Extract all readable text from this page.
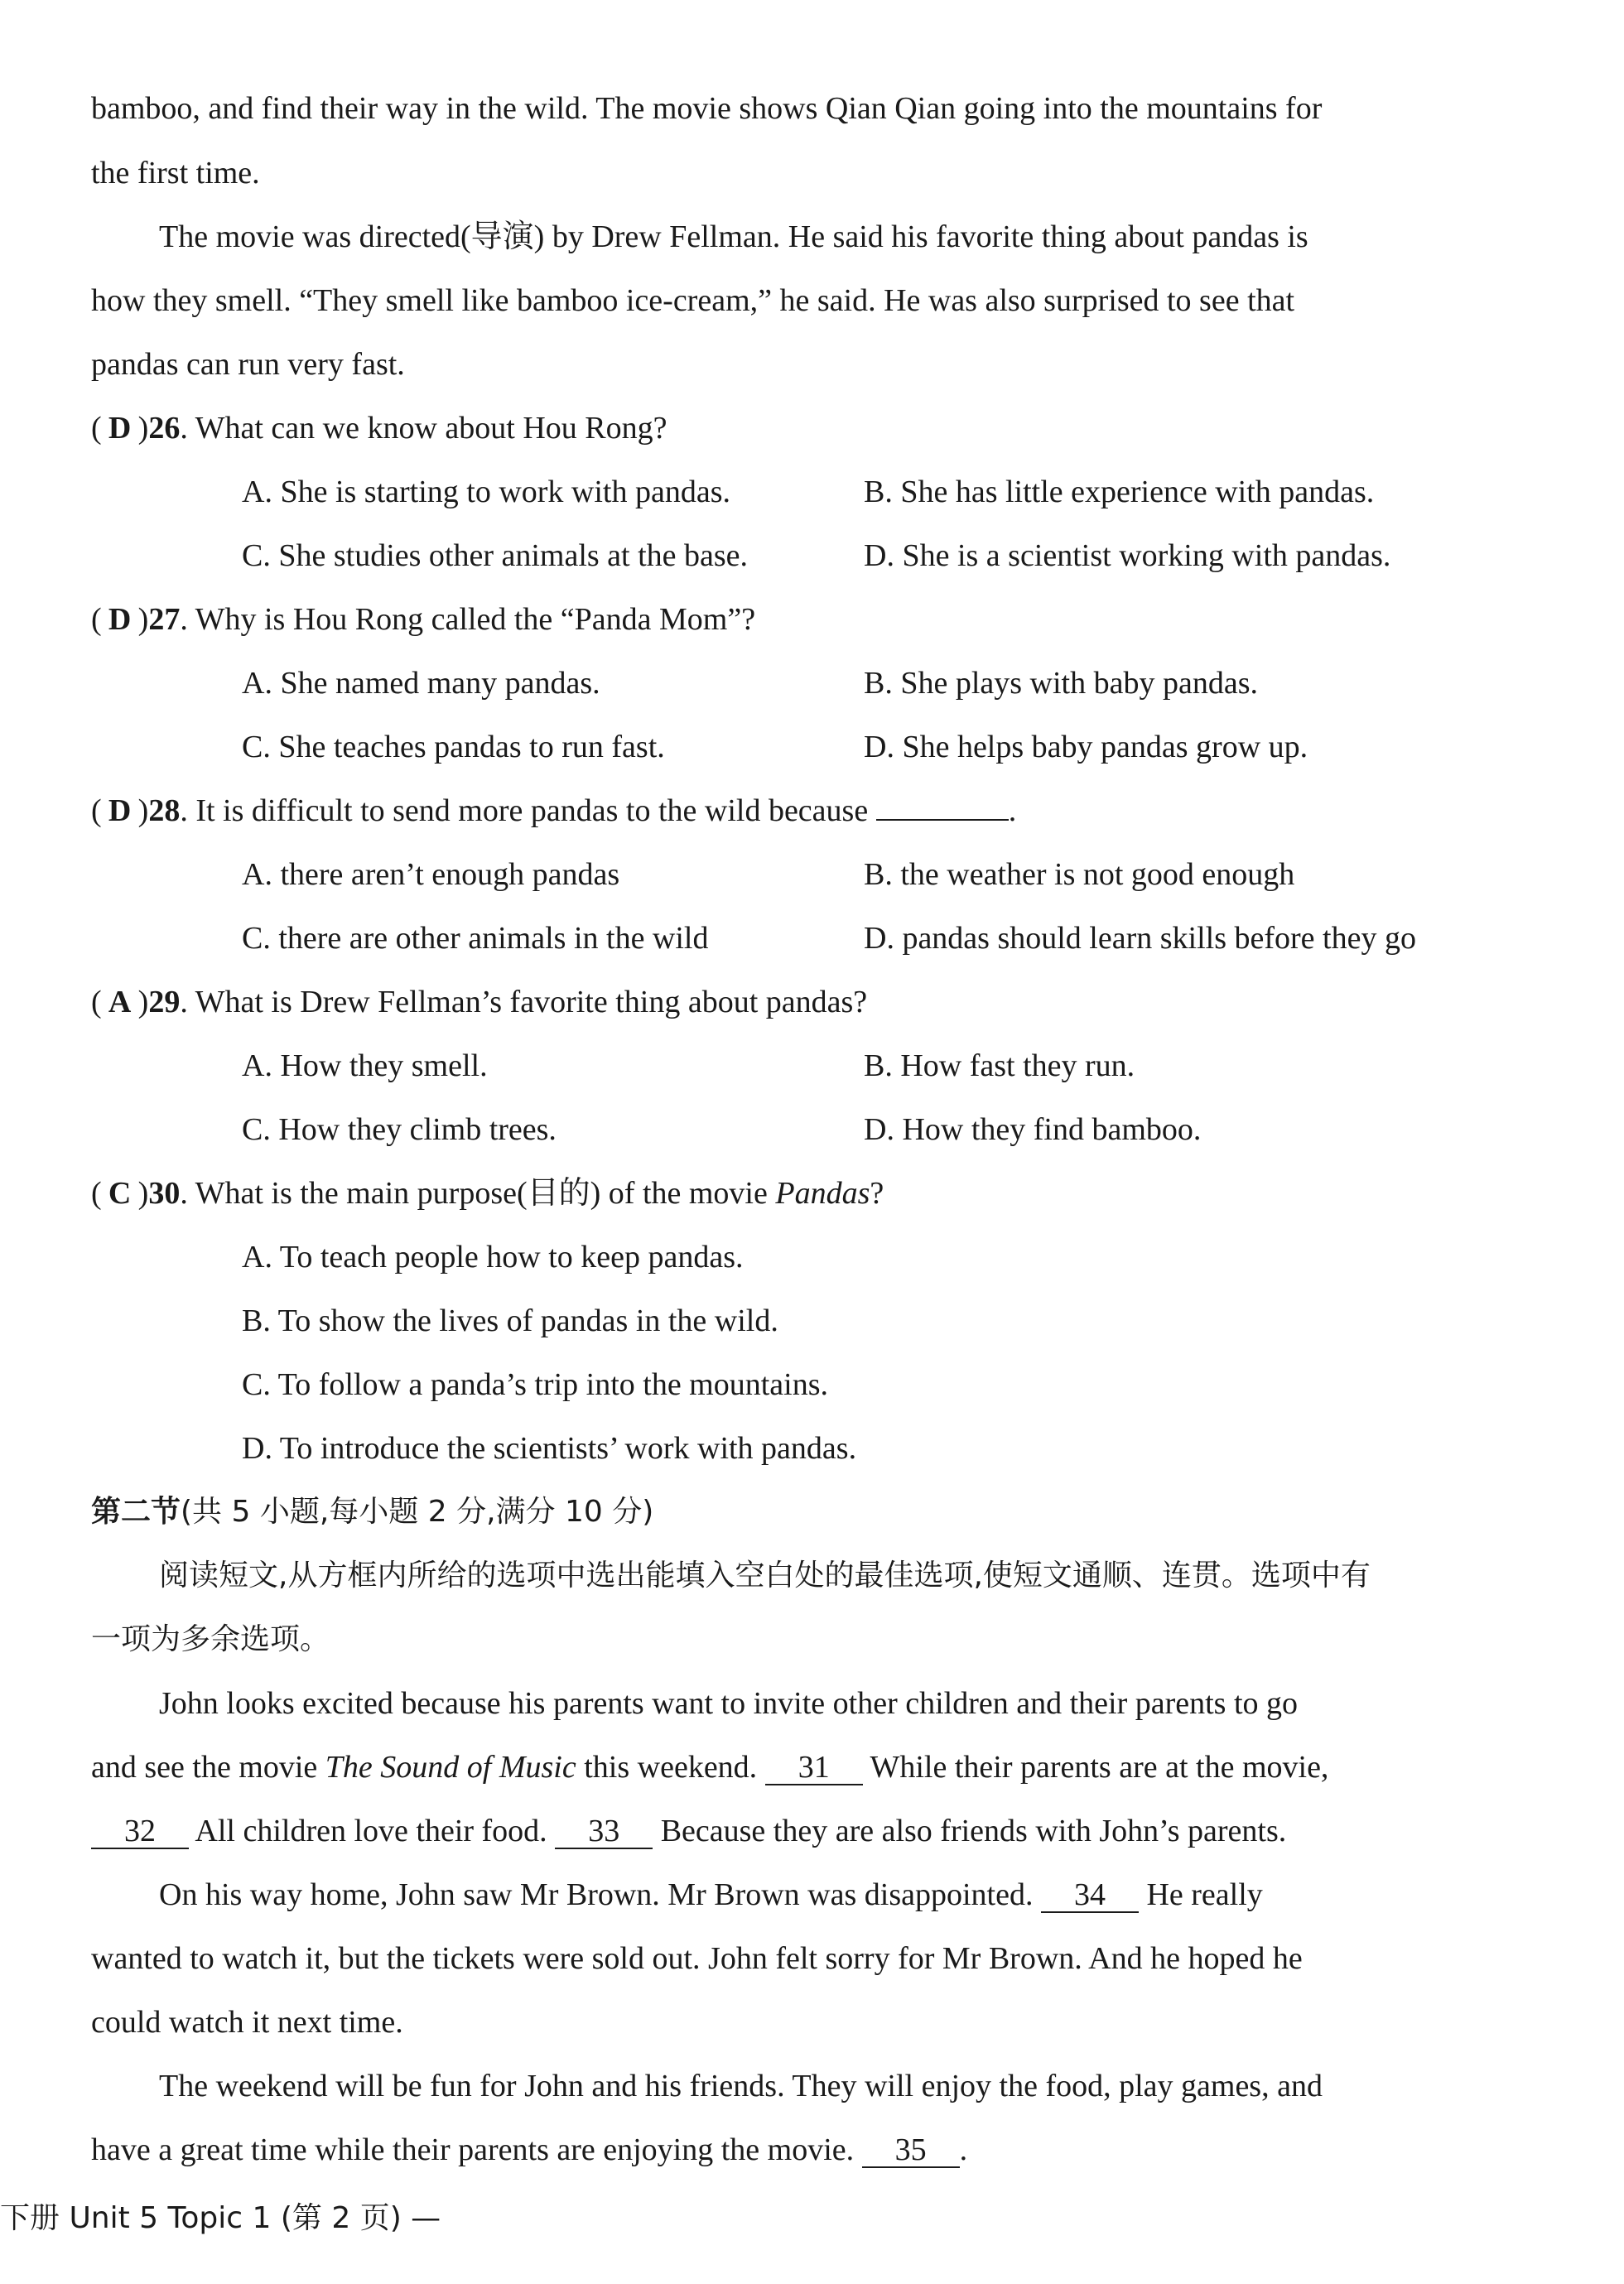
bamboo, and find their way in the wild. The movie shows Qian Qian going into the mountains for
the first time.
The movie was directed(导演) by Drew Fellman. He said his favorite thing about pandas is
how they smell. “They smell like bamboo ice-cream,” he said. He was also surprised to see that
pandas can run very fast.
( D )26. What can we know about Hou Rong?
A. She is starting to work with pandas.	B. She has little experience with pandas.
C. She studies other animals at the base.	D. She is a scientist working with pandas.
( D )27. Why is Hou Rong called the “Panda Mom”?
A. She named many pandas.	B. She plays with baby pandas.
C. She teaches pandas to run fast.	D. She helps baby pandas grow up.
( D )28. It is difficult to send more pandas to the wild because	.
A. there aren’t enough pandas	B. the weather is not good enough
C. there are other animals in the wild	D. pandas should learn skills before they go
( A )29. What is Drew Fellman’s favorite thing about pandas?
A. How they smell.	B. How fast they run.
C. How they climb trees.	D. How they find bamboo.
( C )30. What is the main purpose(目的) of the movie Pandas?
A. To teach people how to keep pandas.
B. To show the lives of pandas in the wild.
C. To follow a panda’s trip into the mountains.
D. To introduce the scientists’ work with pandas.
第二节(共 5 小题,每小题 2 分,满分 10 分)
阅读短文,从方框内所给的选项中选出能填入空白处的最佳选项,使短文通顺、连贯。选项中有
一项为多余选项。
John looks excited because his parents want to invite other children and their parents to go
and see the movie The Sound of Music this weekend. 31 While their parents are at the movie,
32 All children love their food. 33 Because they are also friends with John’s parents.
On his way home, John saw Mr Brown. Mr Brown was disappointed. 34 He really
wanted to watch it, but the tickets were sold out. John felt sorry for Mr Brown. And he hoped he
could watch it next time.
The weekend will be fun for John and his friends. They will enjoy the food, play games, and
have a great time while their parents are enjoying the movie. 35 .
下册 Unit 5 Topic 1 (第 2 页) —
